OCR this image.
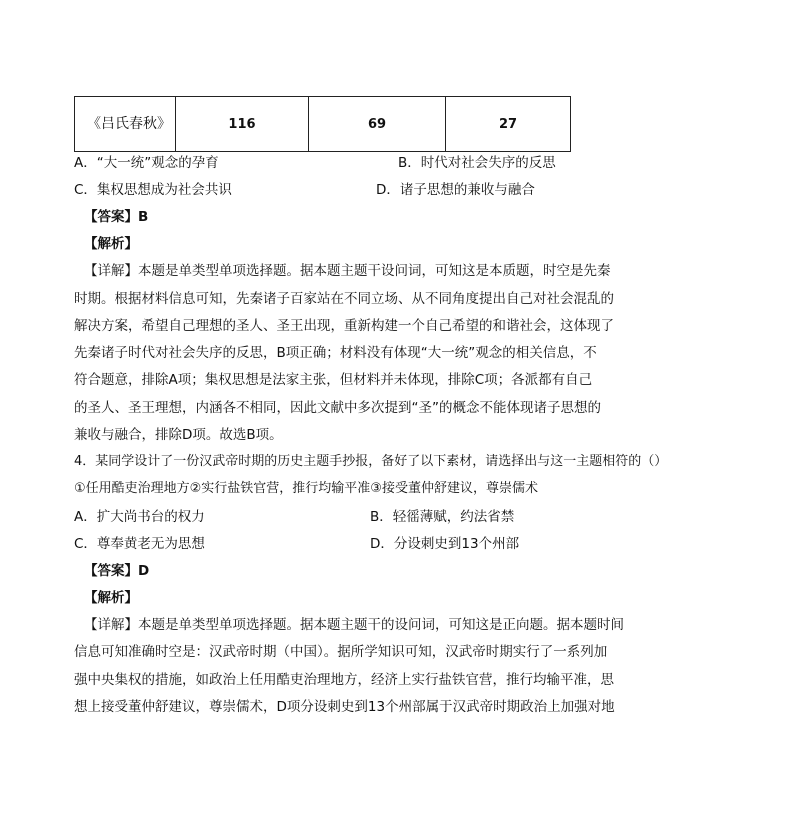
《吕氏春秋》	116	69	27
A．“大一统”观念的孕育	B．时代对社会失序的反思
C．集权思想成为社会共识	D．诸子思想的兼收与融合
【答案】B
【解析】
【详解】本题是单类型单项选择题。据本题主题干设问词，可知这是本质题，时空是先秦
时期。根据材料信息可知，先秦诸子百家站在不同立场、从不同角度提出自己对社会混乱的
解决方案，希望自己理想的圣人、圣王出现，重新构建一个自己希望的和谐社会，这体现了
先秦诸子时代对社会失序的反思，B项正确；材料没有体现“大一统”观念的相关信息，不
符合题意，排除A项；集权思想是法家主张，但材料并未体现，排除C项；各派都有自己
的圣人、圣王理想，内涵各不相同，因此文献中多次提到“圣”的概念不能体现诸子思想的
兼收与融合，排除D项。故选B项。
4．某同学设计了一份汉武帝时期的历史主题手抄报，备好了以下素材，请选择出与这一主题相符的（）
①任用酷吏治理地方②实行盐铁官营，推行均输平准③接受董仲舒建议，尊崇儒术
A．扩大尚书台的权力	B．轻徭薄赋，约法省禁
C．尊奉黄老无为思想	D．分设刺史到13个州部
【答案】D
【解析】
【详解】本题是单类型单项选择题。据本题主题干的设问词，可知这是正向题。据本题时间
信息可知准确时空是：汉武帝时期（中国）。据所学知识可知，汉武帝时期实行了一系列加
强中央集权的措施，如政治上任用酷吏治理地方，经济上实行盐铁官营，推行均输平准，思
想上接受董仲舒建议，尊崇儒术，D项分设刺史到13个州部属于汉武帝时期政治上加强对地
